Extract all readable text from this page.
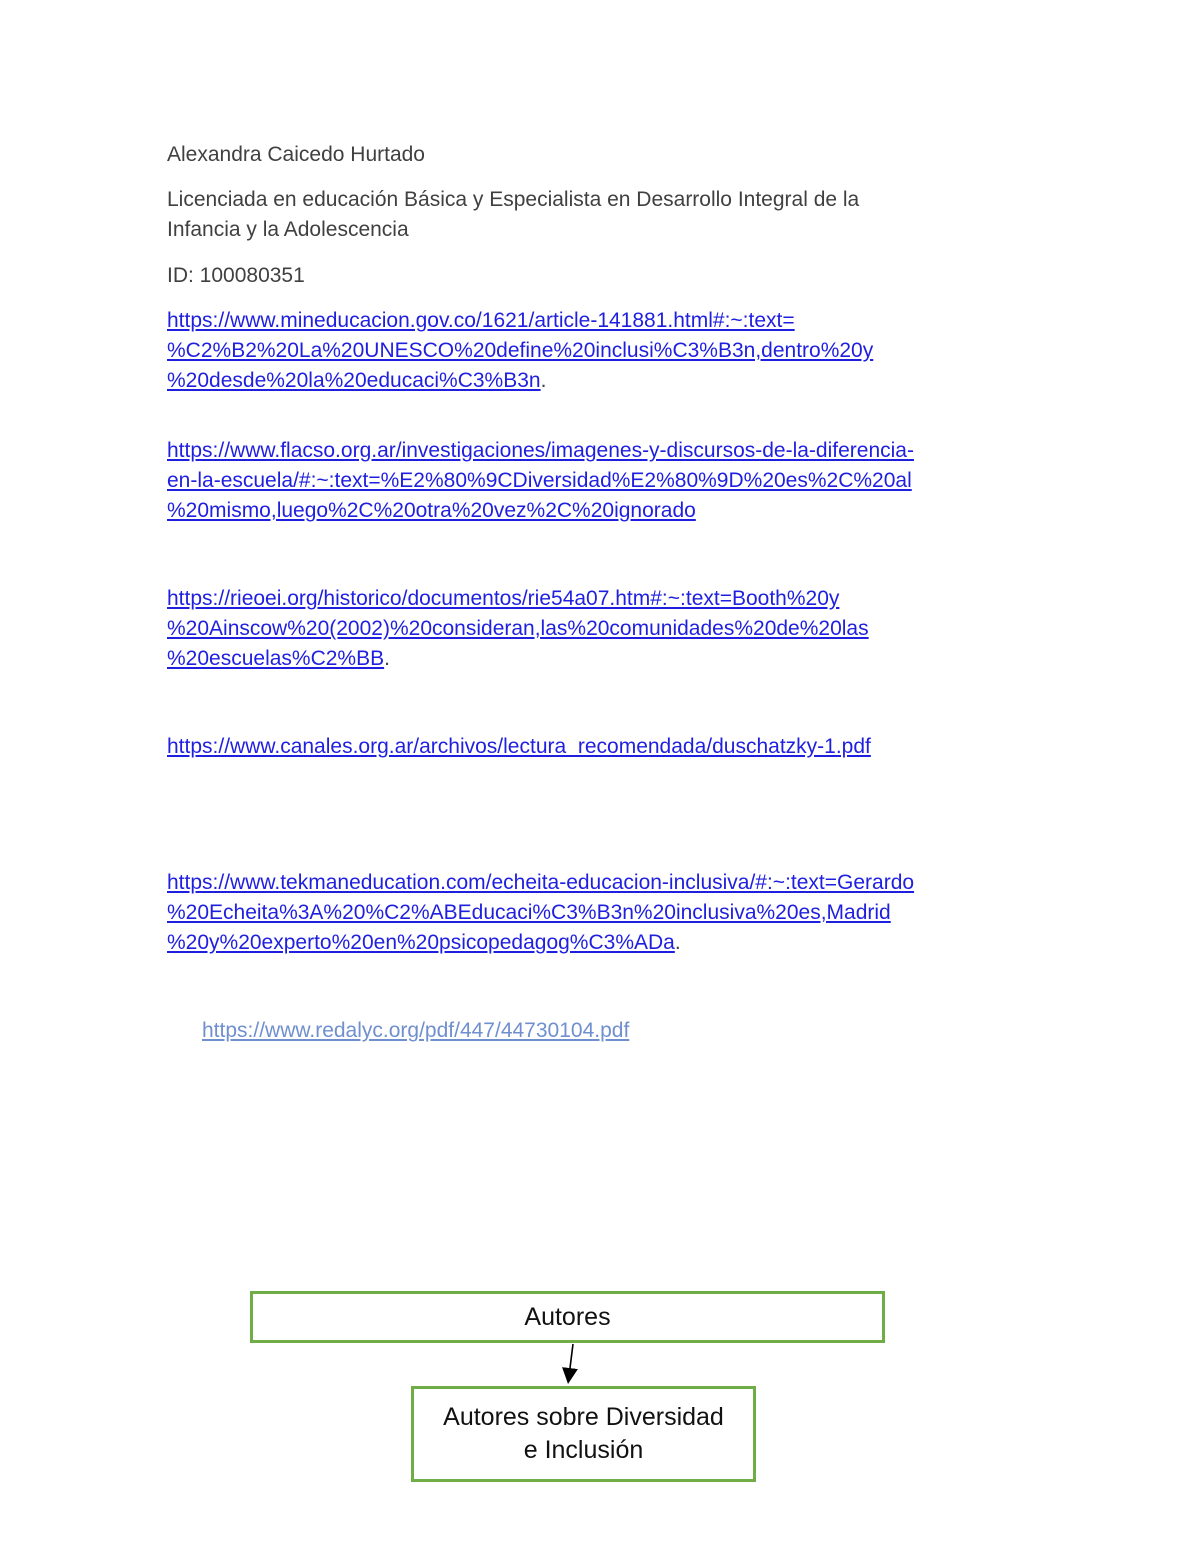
Alexandra Caicedo Hurtado
Licenciada en educación Básica y Especialista en Desarrollo Integral de la
Infancia y la Adolescencia
ID: 100080351
https://www.mineducacion.gov.co/1621/article-141881.html#:~:text=
%C2%B2%20La%20UNESCO%20define%20inclusi%C3%B3n,dentro%20y
%20desde%20la%20educaci%C3%B3n.
https://www.flacso.org.ar/investigaciones/imagenes-y-discursos-de-la-diferencia-
en-la-escuela/#:~:text=%E2%80%9CDiversidad%E2%80%9D%20es%2C%20al
%20mismo,luego%2C%20otra%20vez%2C%20ignorado
https://rieoei.org/historico/documentos/rie54a07.htm#:~:text=Booth%20y
%20Ainscow%20(2002)%20consideran,las%20comunidades%20de%20las
%20escuelas%C2%BB.
https://www.canales.org.ar/archivos/lectura_recomendada/duschatzky-1.pdf
https://www.tekmaneducation.com/echeita-educacion-inclusiva/#:~:text=Gerardo
%20Echeita%3A%20%C2%ABEducaci%C3%B3n%20inclusiva%20es,Madrid
%20y%20experto%20en%20psicopedagog%C3%ADa.
https://www.redalyc.org/pdf/447/44730104.pdf
Autores
Autores sobre Diversidad
e Inclusión
